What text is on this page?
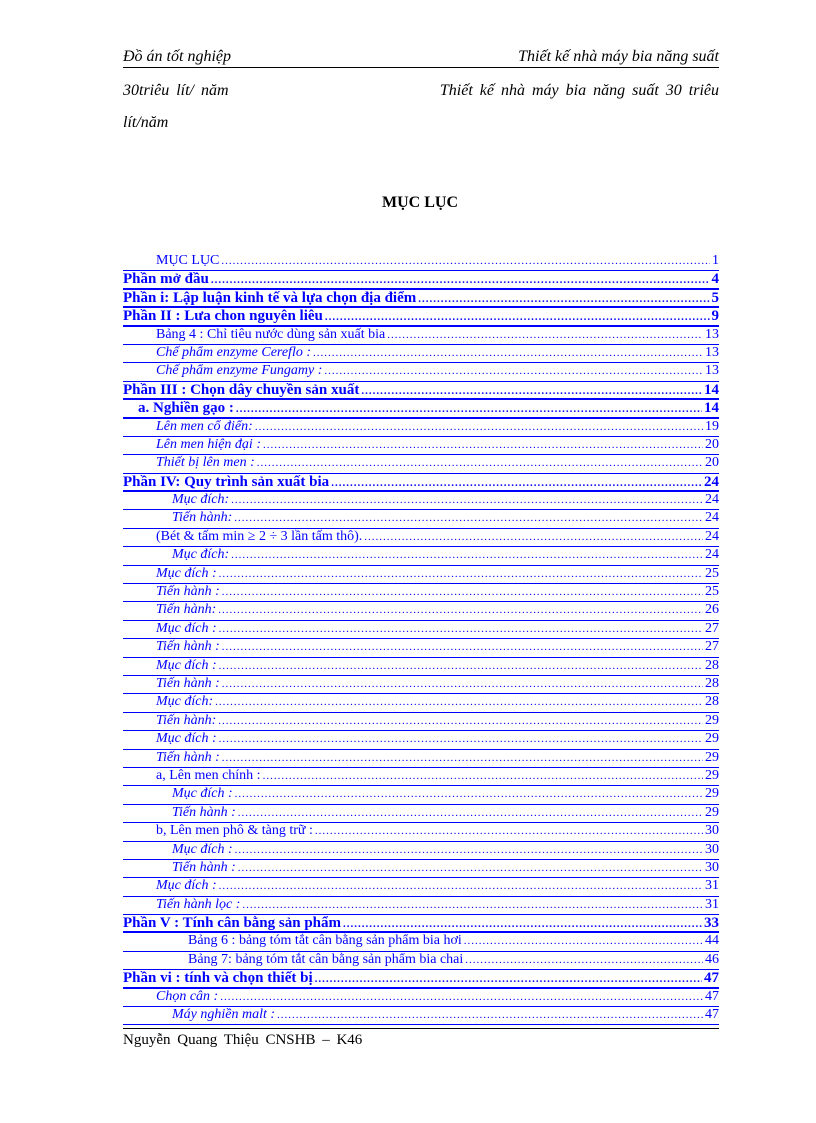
Đồ án tốt nghiệp	Thiết kế nhà máy bia năng suất
30triêu lít/ năm	Thiết kế nhà máy bia năng suất 30 triêu
lít/năm
MỤC LỤC
MỤC LỤC .....	1
Phần mở đầu .....	4
Phần i: Lập luận kinh tế và lựa chọn địa điểm .....	5
Phần II : Lưa chon nguyên liêu .....	9
Bảng 4 : Chỉ tiêu nước dùng sản xuất bia .....	13
Chế phẩm enzyme Cereflo : .....	13
Chế phẩm enzyme Fungamy : .....	13
Phần III : Chọn dây chuyền sản xuất .....	14
a. Nghiền gạo : .....	14
Lên men cổ điển: .....	19
Lên men hiện đại : .....	20
Thiết bị lên men : .....	20
Phần IV: Quy trình sản xuất bia .....	24
Mục đích: .....	24
Tiến hành: .....	24
(Bét & tấm min ≥ 2 ÷ 3 lần tấm thô). .....	24
Mục đích: .....	24
Mục đích : .....	25
Tiến hành : .....	25
Tiến hành: .....	26
Mục đích : .....	27
Tiến hành : .....	27
Mục đích : .....	28
Tiến hành : .....	28
Mục đích: .....	28
Tiến hành: .....	29
Mục đích : .....	29
Tiến hành : .....	29
a, Lên men chính : .....	29
Mục đích : .....	29
Tiến hành : .....	29
b, Lên men phô & tàng trữ : .....	30
Mục đích : .....	30
Tiến hành : .....	30
Mục đích : .....	31
Tiến hành lọc : .....	31
Phần V : Tính cân bằng sản phẩm .....	33
Bảng 6 : bảng tóm tắt cân bằng sản phẩm bia hơi .....	44
Bảng 7: bảng tóm tắt cân bằng sản phẩm bia chai .....	46
Phần vi : tính và chọn thiết bị .....	47
Chọn cân : .....	47
Máy nghiền malt : .....	47
Nguyễn Quang Thiệu CNSHB – K46
